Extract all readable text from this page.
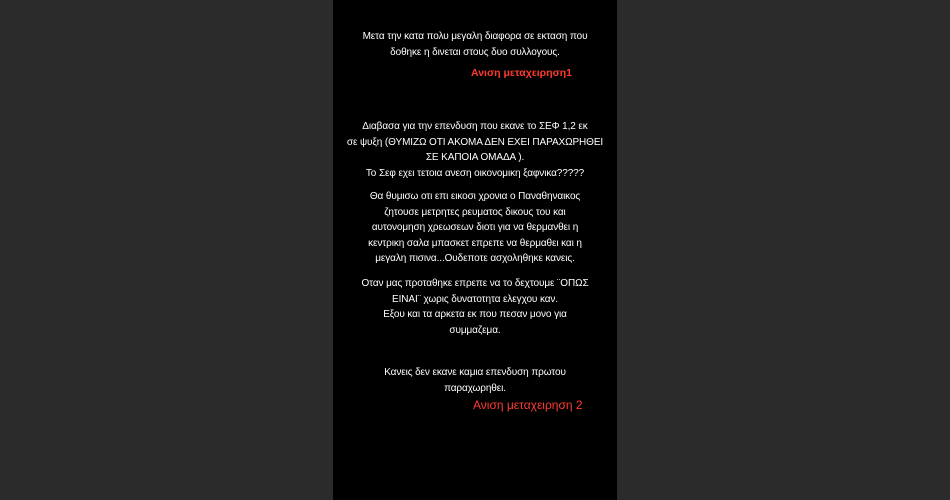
Μετα την κατα πολυ μεγαλη διαφορα σε εκταση που
δοθηκε η δινεται στους δυο συλλογους.
Ανιση μεταχειρηση1
Διαβασα για την επενδυση που εκανε το ΣΕΦ 1,2 εκ
σε ψυξη (ΘΥΜΙΖΩ ΟΤΙ ΑΚΟΜΑ ΔΕΝ ΕΧΕΙ ΠΑΡΑΧΩΡΗΘΕΙ
ΣΕ ΚΑΠΟΙΑ ΟΜΑΔΑ ).
Το Σεφ εχει τετοια ανεση οικονομικη ξαφνικα?????
Θα θυμισω οτι επι εικοσι χρονια ο Παναθηναικος
ζητουσε μετρητες ρευματος δικους του και
αυτονομηση χρεωσεων διοτι για να θερμανθει η
κεντρικη σαλα μπασκετ επρεπε να θερμαθει και η
μεγαλη πισινα...Ουδεποτε ασχοληθηκε κανεις.
Οταν μας προταθηκε επρεπε να το δεχτουμε ¨ΟΠΩΣ
ΕΙΝΑΙ¨ χωρις δυνατοτητα ελεγχου καν.
Εξου και τα αρκετα εκ που πεσαν μονο για
συμμαζεμα.
Κανεις δεν εκανε καμια επενδυση πρωτου
παραχωρηθει.
Ανιση μεταχειρηση 2
